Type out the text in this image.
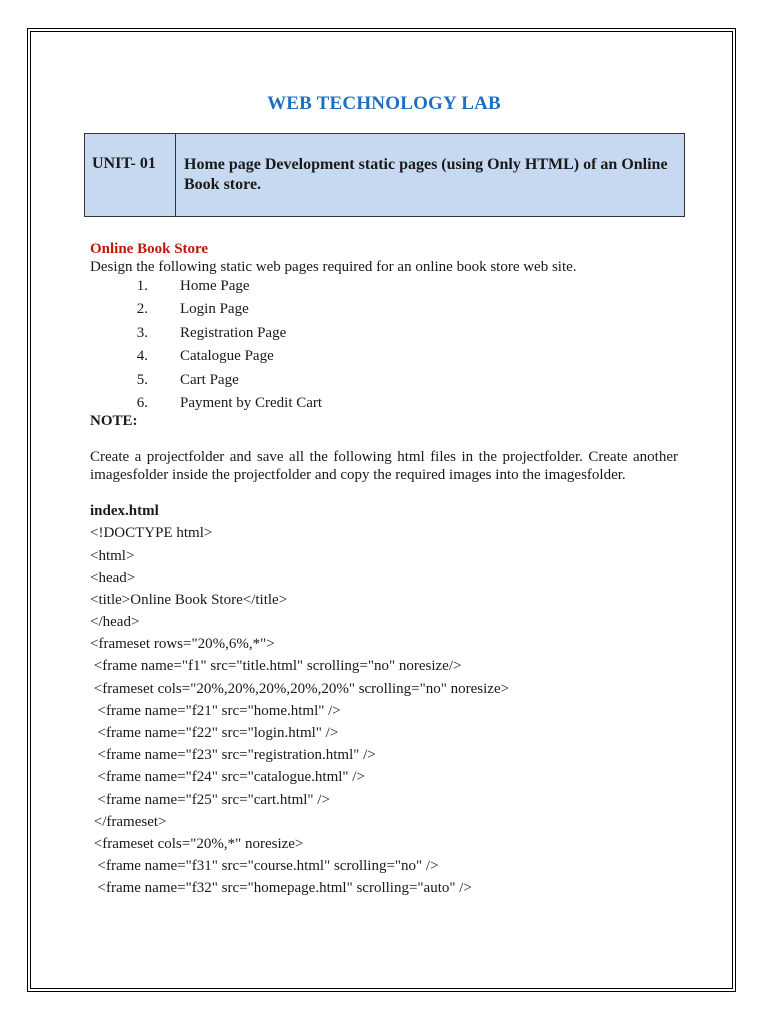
WEB TECHNOLOGY LAB
UNIT- 01	Home page Development static pages (using Only HTML) of an Online Book store.
Online Book Store
Design the following static web pages required for an online book store web site.
1.	Home Page
2.	Login Page
3.	Registration Page
4.	Catalogue Page
5.	Cart Page
6.	Payment by Credit Cart
NOTE:
Create a projectfolder and save all the following html files in the projectfolder. Create another imagesfolder inside the projectfolder and copy the required images into the imagesfolder.
index.html
<!DOCTYPE html>
<html>
<head>
<title>Online Book Store</title>
</head>
<frameset rows="20%,6%,*">
<frame name="f1" src="title.html" scrolling="no" noresize/>
<frameset cols="20%,20%,20%,20%,20%" scrolling="no" noresize>
<frame name="f21" src="home.html" />
<frame name="f22" src="login.html" />
<frame name="f23" src="registration.html" />
<frame name="f24" src="catalogue.html" />
<frame name="f25" src="cart.html" />
</frameset>
<frameset cols="20%,*" noresize>
<frame name="f31" src="course.html" scrolling="no" />
<frame name="f32" src="homepage.html" scrolling="auto" />
